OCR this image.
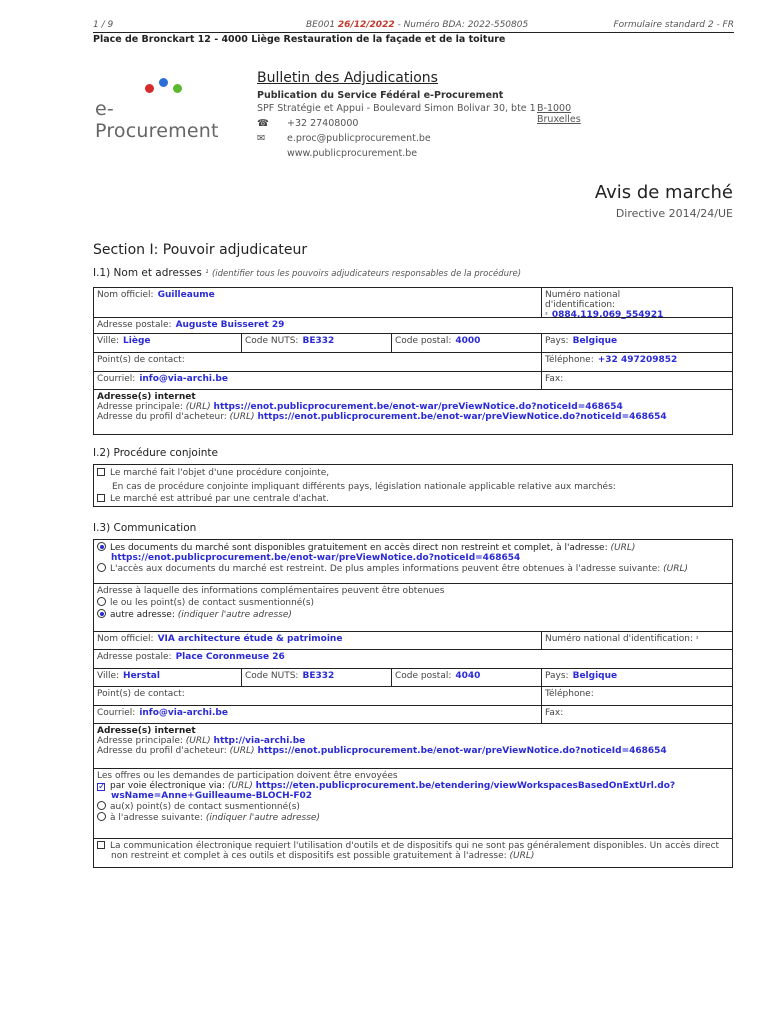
1 / 9	BE001 26/12/2022 - Numéro BDA: 2022-550805	Formulaire standard 2 - FR
Place de Bronckart 12 - 4000 Liège Restauration de la façade et de la toiture
e-Procurement
Bulletin des Adjudications
Publication du Service Fédéral e-Procurement
SPF Stratégie et Appui - Boulevard Simon Bolivar 30, bte 1 B-1000 Bruxelles
☎ +32 27408000
✉ e.proc@publicprocurement.be
www.publicprocurement.be
Avis de marché
Directive 2014/24/UE
Section I: Pouvoir adjudicateur
I.1) Nom et adresses ¹ (identifier tous les pouvoirs adjudicateurs responsables de la procédure)
Nom officiel: Guilleaume	Numéro national
d'identification: ² 0884.119.069_554921
Adresse postale: Auguste Buisseret 29
Ville: Liège	Code NUTS: BE332	Code postal: 4000	Pays: Belgique
Point(s) de contact:	Téléphone: +32 497209852
Courriel: info@via-archi.be	Fax:
Adresse(s) internet
Adresse principale: (URL) https://enot.publicprocurement.be/enot-war/preViewNotice.do?noticeId=468654
Adresse du profil d'acheteur: (URL) https://enot.publicprocurement.be/enot-war/preViewNotice.do?noticeId=468654
I.2) Procédure conjointe
Le marché fait l'objet d'une procédure conjointe,
En cas de procédure conjointe impliquant différents pays, législation nationale applicable relative aux marchés:
Le marché est attribué par une centrale d'achat.
I.3) Communication
Les documents du marché sont disponibles gratuitement en accès direct non restreint et complet, à l'adresse: (URL)
https://enot.publicprocurement.be/enot-war/preViewNotice.do?noticeId=468654
L'accès aux documents du marché est restreint. De plus amples informations peuvent être obtenues à l'adresse suivante: (URL)
Adresse à laquelle des informations complémentaires peuvent être obtenues
le ou les point(s) de contact susmentionné(s)
autre adresse: (indiquer l'autre adresse)
Nom officiel: VIA architecture étude & patrimoine	Numéro national d'identification: ²
Adresse postale: Place Coronmeuse 26
Ville: Herstal	Code NUTS: BE332	Code postal: 4040	Pays: Belgique
Point(s) de contact:	Téléphone:
Courriel: info@via-archi.be	Fax:
Adresse(s) internet
Adresse principale: (URL) http://via-archi.be
Adresse du profil d'acheteur: (URL) https://enot.publicprocurement.be/enot-war/preViewNotice.do?noticeId=468654
Les offres ou les demandes de participation doivent être envoyées
✓ par voie électronique via: (URL) https://eten.publicprocurement.be/etendering/viewWorkspacesBasedOnExtUrl.do?
wsName=Anne+Guilleaume-BLOCH-F02
au(x) point(s) de contact susmentionné(s)
à l'adresse suivante: (indiquer l'autre adresse)
La communication électronique requiert l'utilisation d'outils et de dispositifs qui ne sont pas généralement disponibles. Un accès direct
non restreint et complet à ces outils et dispositifs est possible gratuitement à l'adresse: (URL)
